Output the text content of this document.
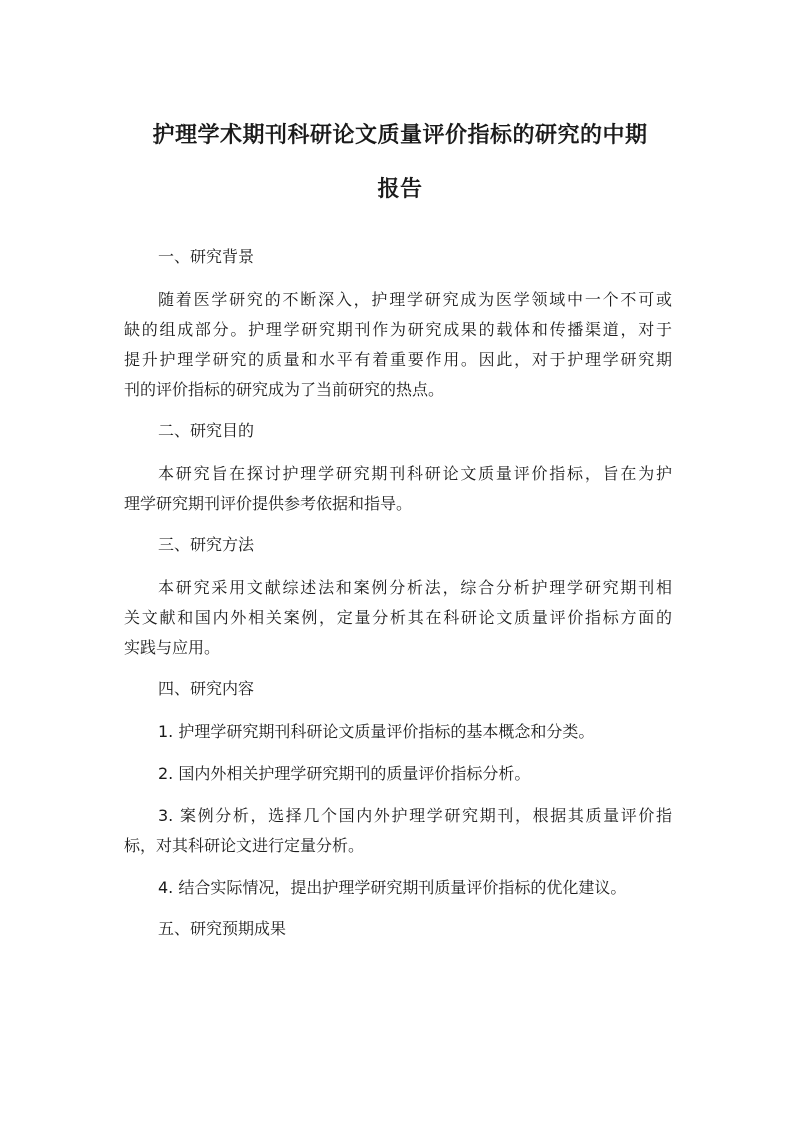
护理学术期刊科研论文质量评价指标的研究的中期
报告

一、研究背景

随着医学研究的不断深入，护理学研究成为医学领域中一个不可或
缺的组成部分。护理学研究期刊作为研究成果的载体和传播渠道，对于
提升护理学研究的质量和水平有着重要作用。因此，对于护理学研究期
刊的评价指标的研究成为了当前研究的热点。

二、研究目的

本研究旨在探讨护理学研究期刊科研论文质量评价指标，旨在为护
理学研究期刊评价提供参考依据和指导。

三、研究方法

本研究采用文献综述法和案例分析法，综合分析护理学研究期刊相
关文献和国内外相关案例，定量分析其在科研论文质量评价指标方面的
实践与应用。

四、研究内容

1. 护理学研究期刊科研论文质量评价指标的基本概念和分类。
2. 国内外相关护理学研究期刊的质量评价指标分析。
3. 案例分析，选择几个国内外护理学研究期刊，根据其质量评价指
标，对其科研论文进行定量分析。
4. 结合实际情况，提出护理学研究期刊质量评价指标的优化建议。

五、研究预期成果
